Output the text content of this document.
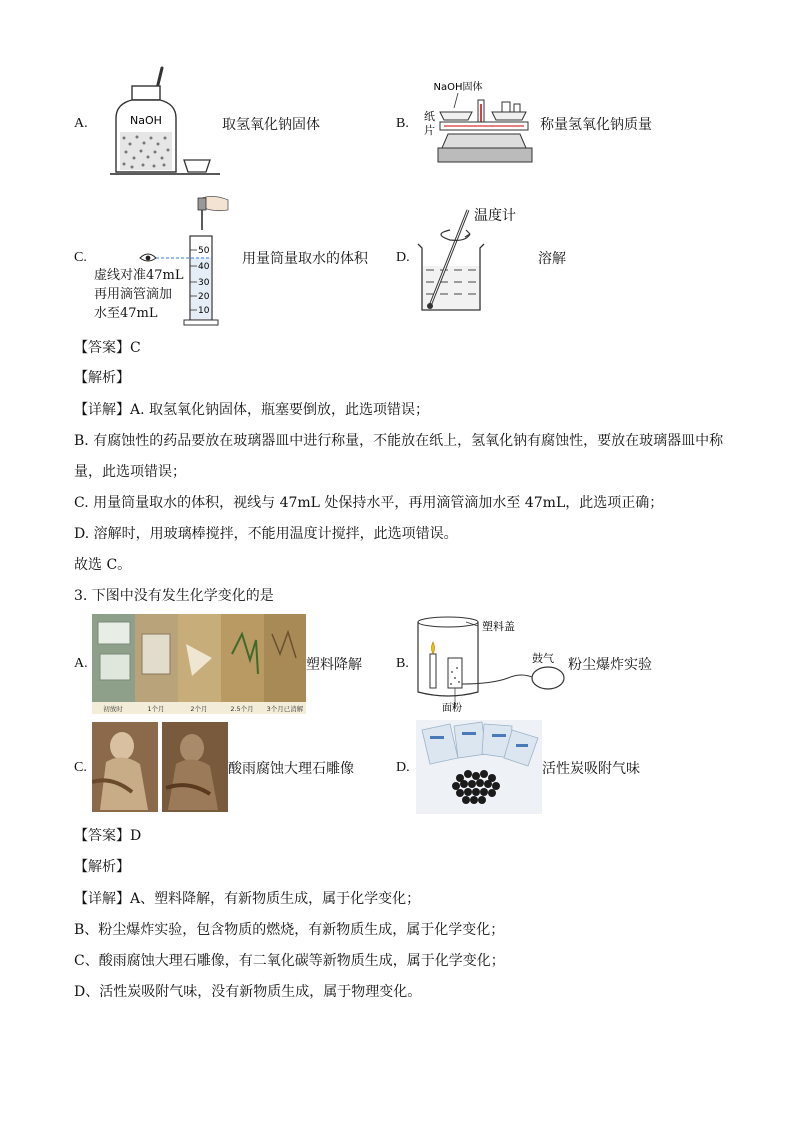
A.	NaOH	取氢氧化钠固体	B.
NaOH固体
纸
片	称量氢氧化钠质量
C.	50
40
30
20
10
虚线对准47mL
再用滴管滴加
水至47mL
用量筒量取水的体积 D.
温度计
溶解
【答案】C
【解析】
【详解】A. 取氢氧化钠固体，瓶塞要倒放，此选项错误；
B. 有腐蚀性的药品要放在玻璃器皿中进行称量，不能放在纸上，氢氧化钠有腐蚀性，要放在玻璃器皿中称
量，此选项错误；
C. 用量筒量取水的体积，视线与 47mL 处保持水平，再用滴管滴加水至 47mL，此选项正确；
D. 溶解时，用玻璃棒搅拌，不能用温度计搅拌，此选项错误。
故选 C。
3. 下图中没有发生化学变化的是
A.
初放时	1个月	2个月	2.5个月 3个月已消解
塑料降解 B.
塑料盖
面粉
鼓气 粉尘爆炸实验
C.	酸雨腐蚀大理石雕像	D.	活性炭吸附气味
【答案】D
【解析】
【详解】A、塑料降解，有新物质生成，属于化学变化；
B、粉尘爆炸实验，包含物质的燃烧，有新物质生成，属于化学变化；
C、酸雨腐蚀大理石雕像，有二氧化碳等新物质生成，属于化学变化；
D、活性炭吸附气味，没有新物质生成，属于物理变化。
